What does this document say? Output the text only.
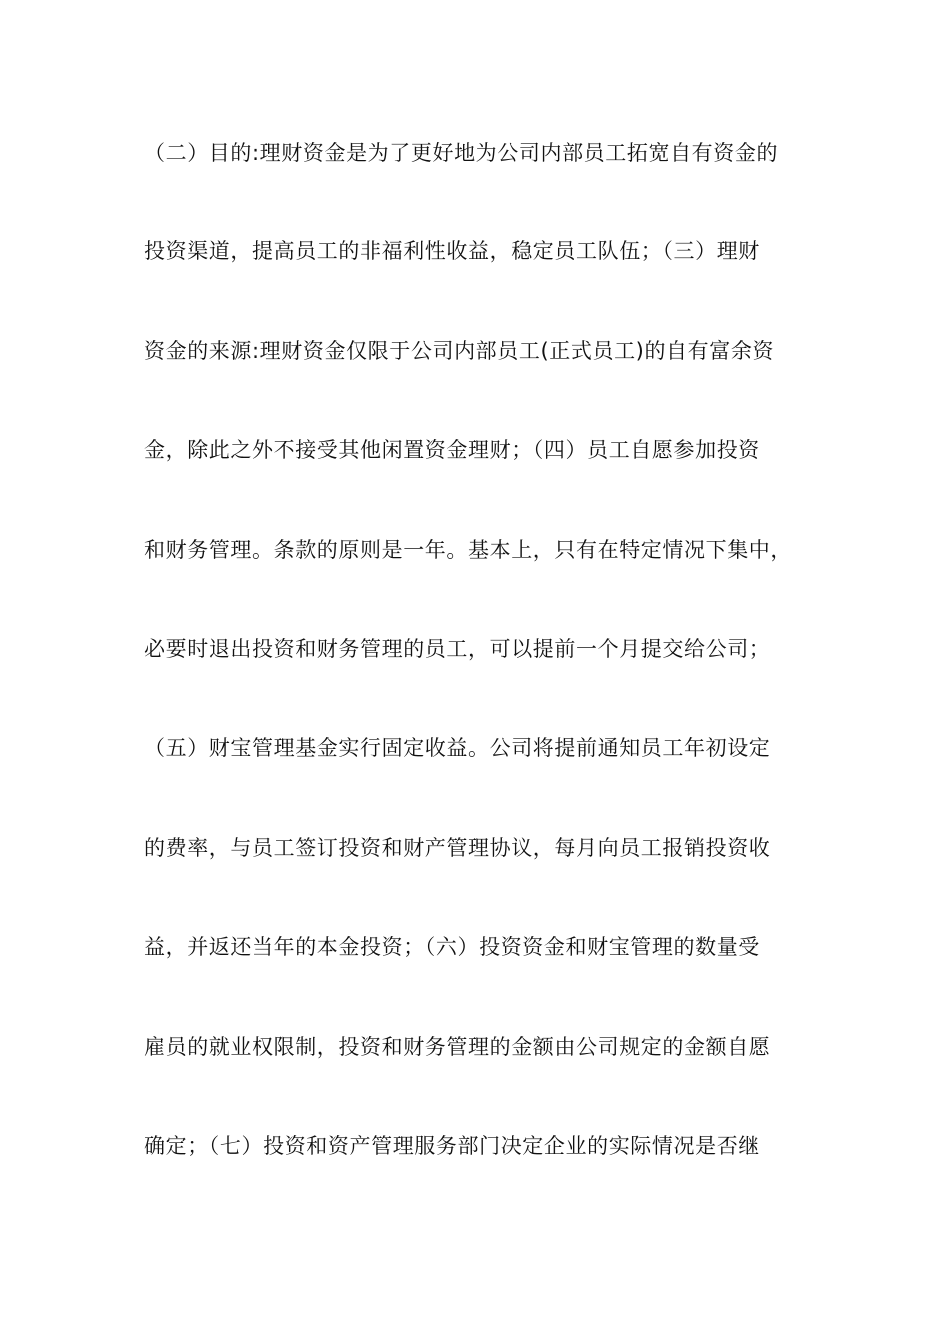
（二）目的:理财资金是为了更好地为公司内部员工拓宽自有资金的
投资渠道，提高员工的非福利性收益，稳定员工队伍；（三）理财
资金的来源:理财资金仅限于公司内部员工(正式员工)的自有富余资
金，除此之外不接受其他闲置资金理财；（四）员工自愿参加投资
和财务管理。条款的原则是一年。基本上，只有在特定情况下集中，
必要时退出投资和财务管理的员工，可以提前一个月提交给公司；
（五）财宝管理基金实行固定收益。公司将提前通知员工年初设定
的费率，与员工签订投资和财产管理协议，每月向员工报销投资收
益，并返还当年的本金投资；（六）投资资金和财宝管理的数量受
雇员的就业权限制，投资和财务管理的金额由公司规定的金额自愿
确定；（七）投资和资产管理服务部门决定企业的实际情况是否继
